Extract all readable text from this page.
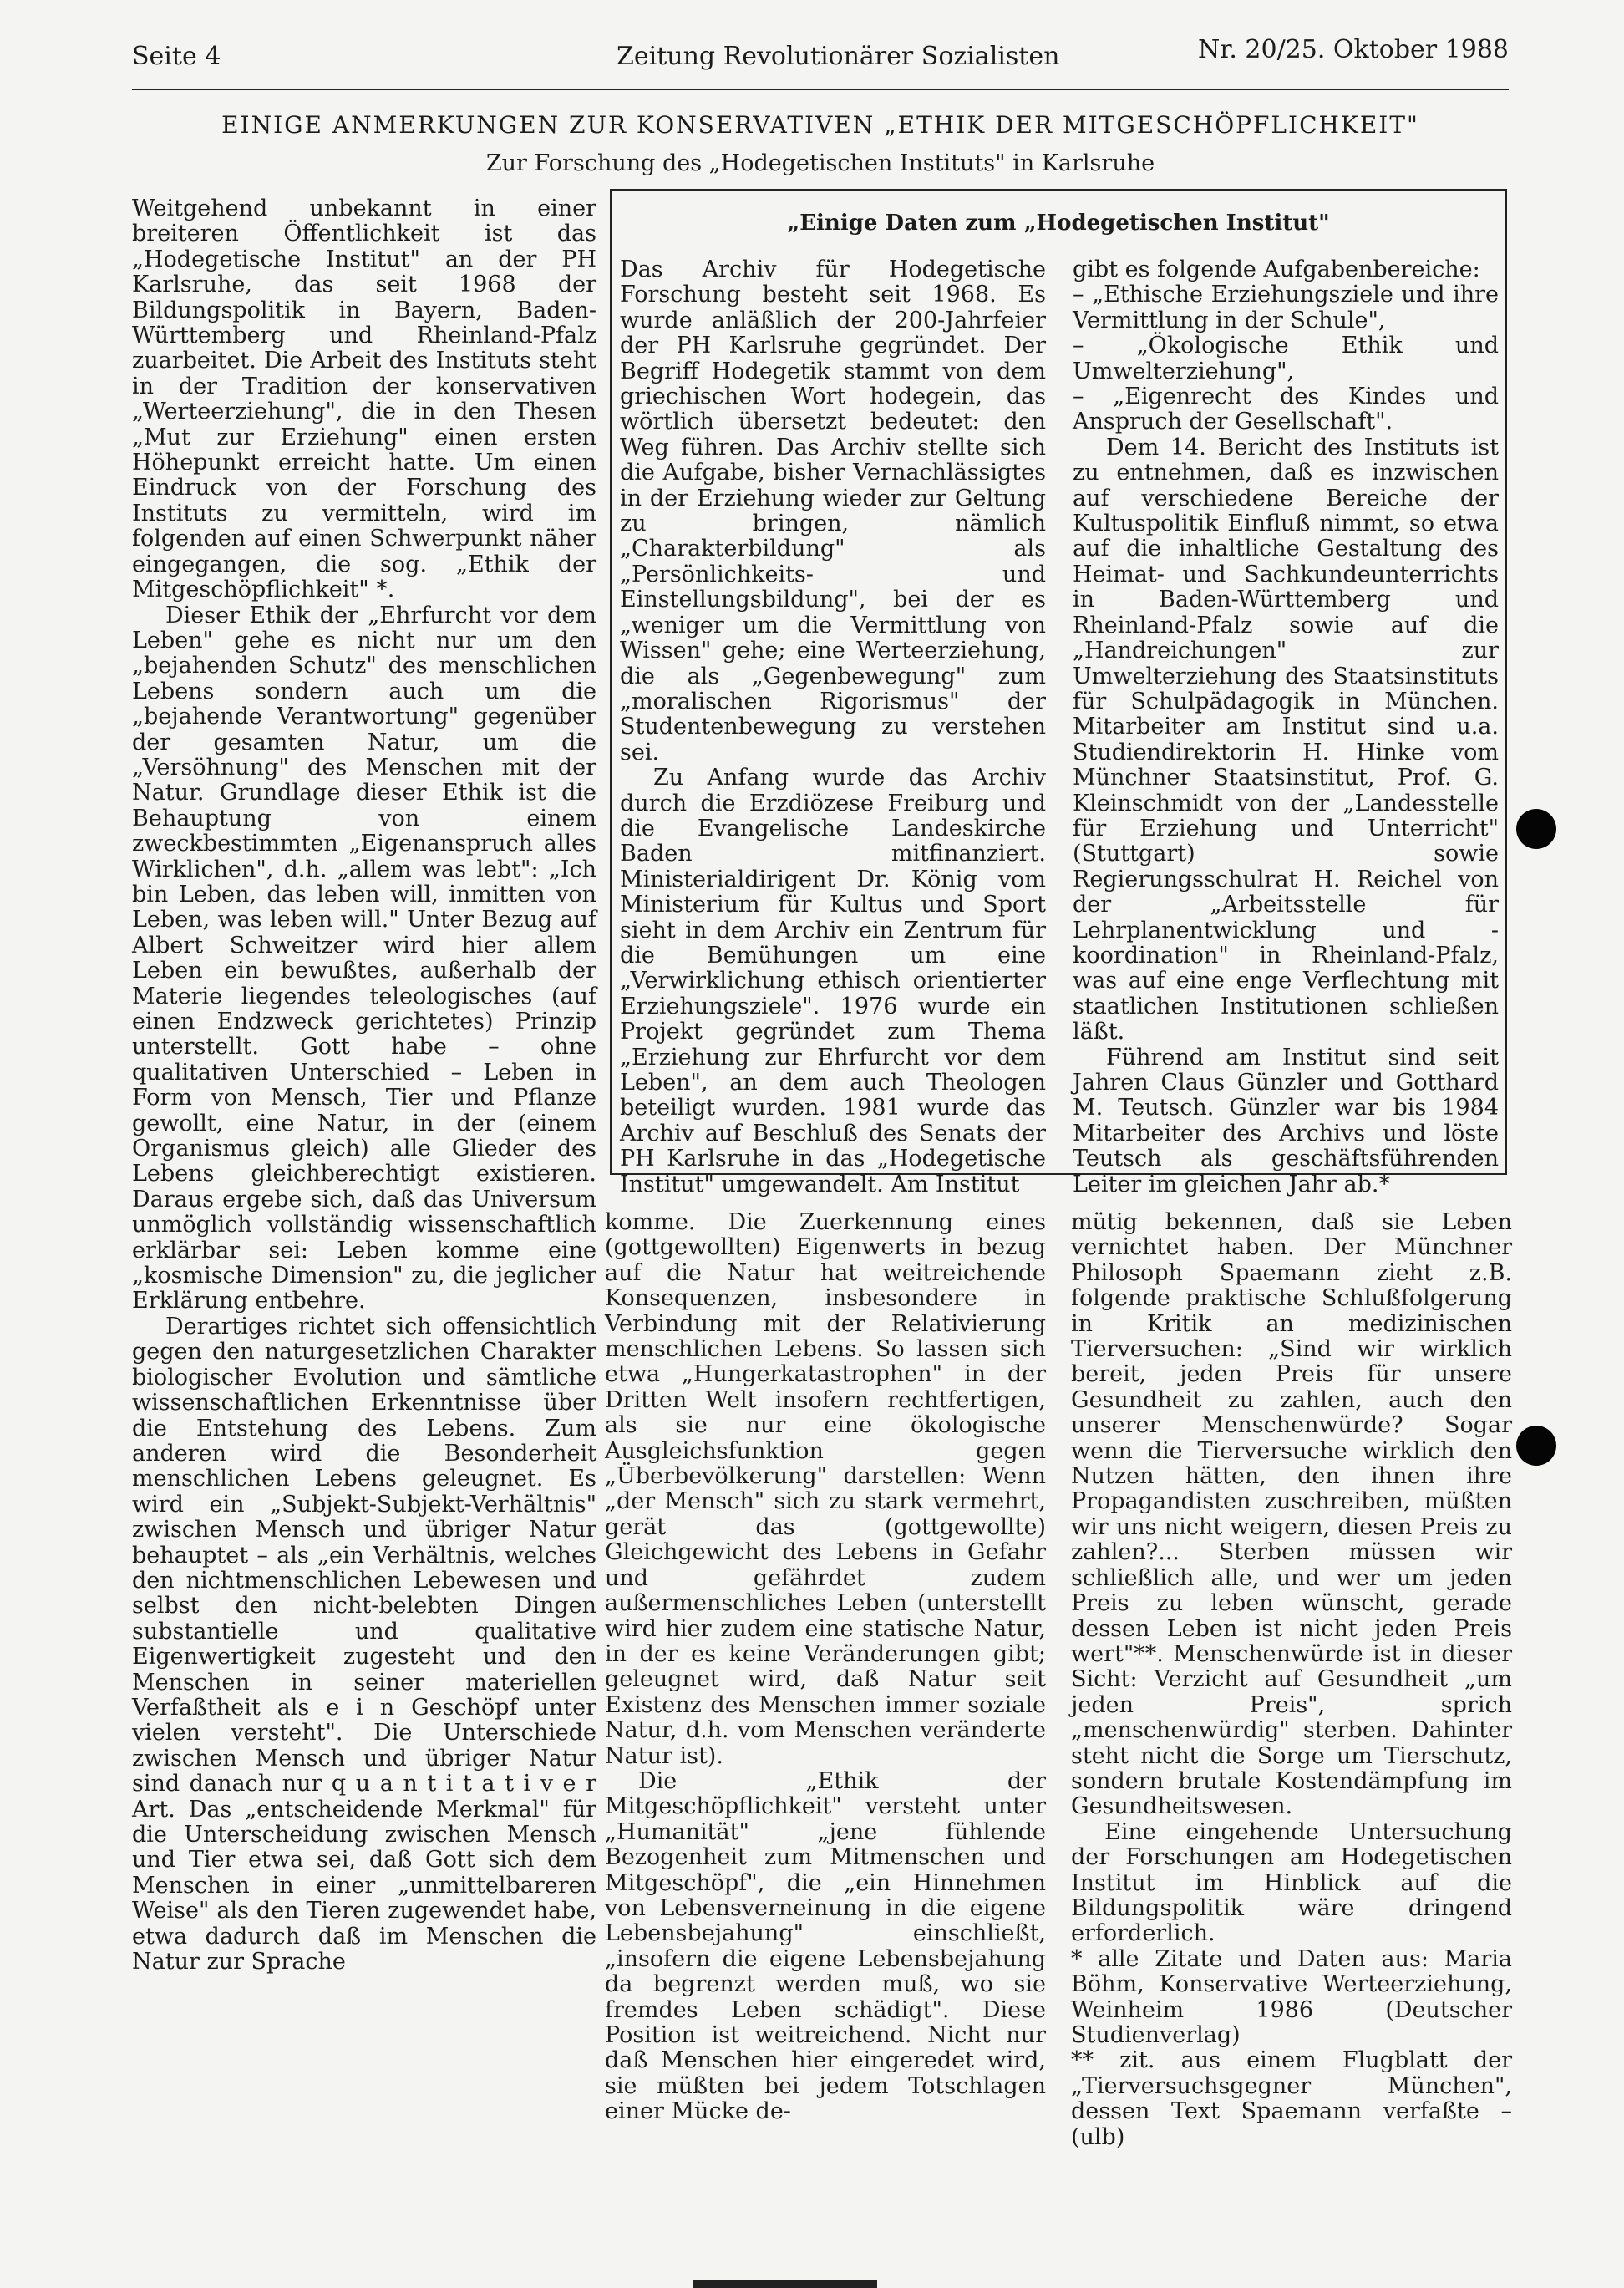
Seite 4	Zeitung Revolutionärer Sozialisten	Nr. 20/25. Oktober 1988
EINIGE ANMERKUNGEN ZUR KONSERVATIVEN „ETHIK DER MITGESCHÖPFLICHKEIT"
Zur Forschung des „Hodegetischen Instituts" in Karlsruhe

Weitgehend unbekannt in einer breiteren Öffentlichkeit ist das „Hodegetische Institut" an der PH Karlsruhe, das seit 1968 der Bildungspolitik in Bayern, Baden-Württemberg und Rheinland-Pfalz zuarbeitet. Die Arbeit des Instituts steht in der Tradition der konservativen „Werteerziehung", die in den Thesen „Mut zur Erziehung" einen ersten Höhepunkt erreicht hatte. Um einen Eindruck von der Forschung des Instituts zu vermitteln, wird im folgenden auf einen Schwerpunkt näher eingegangen, die sog. „Ethik der Mitgeschöpflichkeit" *.

Dieser Ethik der „Ehrfurcht vor dem Leben" gehe es nicht nur um den „bejahenden Schutz" des menschlichen Lebens sondern auch um die „bejahende Verantwortung" gegenüber der gesamten Natur, um die „Versöhnung" des Menschen mit der Natur. Grundlage dieser Ethik ist die Behauptung von einem zweckbestimmten „Eigenanspruch alles Wirklichen", d.h. „allem was lebt": „Ich bin Leben, das leben will, inmitten von Leben, was leben will." Unter Bezug auf Albert Schweitzer wird hier allem Leben ein bewußtes, außerhalb der Materie liegendes teleologisches (auf einen Endzweck gerichtetes) Prinzip unterstellt. Gott habe – ohne qualitativen Unterschied – Leben in Form von Mensch, Tier und Pflanze gewollt, eine Natur, in der (einem Organismus gleich) alle Glieder des Lebens gleichberechtigt existieren. Daraus ergebe sich, daß das Universum unmöglich vollständig wissenschaftlich erklärbar sei: Leben komme eine „kosmische Dimension" zu, die jeglicher Erklärung entbehre.

Derartiges richtet sich offensichtlich gegen den naturgesetzlichen Charakter biologischer Evolution und sämtliche wissenschaftlichen Erkenntnisse über die Entstehung des Lebens. Zum anderen wird die Besonderheit menschlichen Lebens geleugnet. Es wird ein „Subjekt-Subjekt-Verhältnis" zwischen Mensch und übriger Natur behauptet – als „ein Verhältnis, welches den nichtmenschlichen Lebewesen und selbst den nicht-belebten Dingen substantielle und qualitative Eigenwertigkeit zugesteht und den Menschen in seiner materiellen Verfaßtheit als e i n Geschöpf unter vielen versteht". Die Unterschiede zwischen Mensch und übriger Natur sind danach nur q u a n t i t a t i v e r Art. Das „entscheidende Merkmal" für die Unterscheidung zwischen Mensch und Tier etwa sei, daß Gott sich dem Menschen in einer „unmittelbareren Weise" als den Tieren zugewendet habe, etwa dadurch daß im Menschen die Natur zur Sprache

„Einige Daten zum „Hodegetischen Institut"

Das Archiv für Hodegetische Forschung besteht seit 1968. Es wurde anläßlich der 200-Jahrfeier der PH Karlsruhe gegründet. Der Begriff Hodegetik stammt von dem griechischen Wort hodegein, das wörtlich übersetzt bedeutet: den Weg führen. Das Archiv stellte sich die Aufgabe, bisher Vernachlässigtes in der Erziehung wieder zur Geltung zu bringen, nämlich „Charakterbildung" als „Persönlichkeits- und Einstellungsbildung", bei der es „weniger um die Vermittlung von Wissen" gehe; eine Werteerziehung, die als „Gegenbewegung" zum „moralischen Rigorismus" der Studentenbewegung zu verstehen sei.

Zu Anfang wurde das Archiv durch die Erzdiözese Freiburg und die Evangelische Landeskirche Baden mitfinanziert. Ministerialdirigent Dr. König vom Ministerium für Kultus und Sport sieht in dem Archiv ein Zentrum für die Bemühungen um eine „Verwirklichung ethisch orientierter Erziehungsziele". 1976 wurde ein Projekt gegründet zum Thema „Erziehung zur Ehrfurcht vor dem Leben", an dem auch Theologen beteiligt wurden. 1981 wurde das Archiv auf Beschluß des Senats der PH Karlsruhe in das „Hodegetische Institut" umgewandelt. Am Institut

gibt es folgende Aufgabenbereiche:

– „Ethische Erziehungsziele und ihre Vermittlung in der Schule",

– „Ökologische Ethik und Umwelterziehung",

– „Eigenrecht des Kindes und Anspruch der Gesellschaft".

Dem 14. Bericht des Instituts ist zu entnehmen, daß es inzwischen auf verschiedene Bereiche der Kultuspolitik Einfluß nimmt, so etwa auf die inhaltliche Gestaltung des Heimat- und Sachkundeunterrichts in Baden-Württemberg und Rheinland-Pfalz sowie auf die „Handreichungen" zur Umwelterziehung des Staatsinstituts für Schulpädagogik in München. Mitarbeiter am Institut sind u.a. Studiendirektorin H. Hinke vom Münchner Staatsinstitut, Prof. G. Kleinschmidt von der „Landesstelle für Erziehung und Unterricht" (Stuttgart) sowie Regierungsschulrat H. Reichel von der „Arbeitsstelle für Lehrplanentwicklung und -koordination" in Rheinland-Pfalz, was auf eine enge Verflechtung mit staatlichen Institutionen schließen läßt.

Führend am Institut sind seit Jahren Claus Günzler und Gotthard M. Teutsch. Günzler war bis 1984 Mitarbeiter des Archivs und löste Teutsch als geschäftsführenden Leiter im gleichen Jahr ab.*

komme. Die Zuerkennung eines (gottgewollten) Eigenwerts in bezug auf die Natur hat weitreichende Konsequenzen, insbesondere in Verbindung mit der Relativierung menschlichen Lebens. So lassen sich etwa „Hungerkatastrophen" in der Dritten Welt insofern rechtfertigen, als sie nur eine ökologische Ausgleichsfunktion gegen „Überbevölkerung" darstellen: Wenn „der Mensch" sich zu stark vermehrt, gerät das (gottgewollte) Gleichgewicht des Lebens in Gefahr und gefährdet zudem außermenschliches Leben (unterstellt wird hier zudem eine statische Natur, in der es keine Veränderungen gibt; geleugnet wird, daß Natur seit Existenz des Menschen immer soziale Natur, d.h. vom Menschen veränderte Natur ist).

Die „Ethik der Mitgeschöpflichkeit" versteht unter „Humanität" „jene fühlende Bezogenheit zum Mitmenschen und Mitgeschöpf", die „ein Hinnehmen von Lebensverneinung in die eigene Lebensbejahung" einschließt, „insofern die eigene Lebensbejahung da begrenzt werden muß, wo sie fremdes Leben schädigt". Diese Position ist weitreichend. Nicht nur daß Menschen hier eingeredet wird, sie müßten bei jedem Totschlagen einer Mücke de-

mütig bekennen, daß sie Leben vernichtet haben. Der Münchner Philosoph Spaemann zieht z.B. folgende praktische Schlußfolgerung in Kritik an medizinischen Tierversuchen: „Sind wir wirklich bereit, jeden Preis für unsere Gesundheit zu zahlen, auch den unserer Menschenwürde? Sogar wenn die Tierversuche wirklich den Nutzen hätten, den ihnen ihre Propagandisten zuschreiben, müßten wir uns nicht weigern, diesen Preis zu zahlen?... Sterben müssen wir schließlich alle, und wer um jeden Preis zu leben wünscht, gerade dessen Leben ist nicht jeden Preis wert"**. Menschenwürde ist in dieser Sicht: Verzicht auf Gesundheit „um jeden Preis", sprich „menschenwürdig" sterben. Dahinter steht nicht die Sorge um Tierschutz, sondern brutale Kostendämpfung im Gesundheitswesen.

Eine eingehende Untersuchung der Forschungen am Hodegetischen Institut im Hinblick auf die Bildungspolitik wäre dringend erforderlich.

* alle Zitate und Daten aus: Maria Böhm, Konservative Werteerziehung, Weinheim 1986 (Deutscher Studienverlag)

** zit. aus einem Flugblatt der „Tierversuchsgegner München", dessen Text Spaemann verfaßte – (ulb)
